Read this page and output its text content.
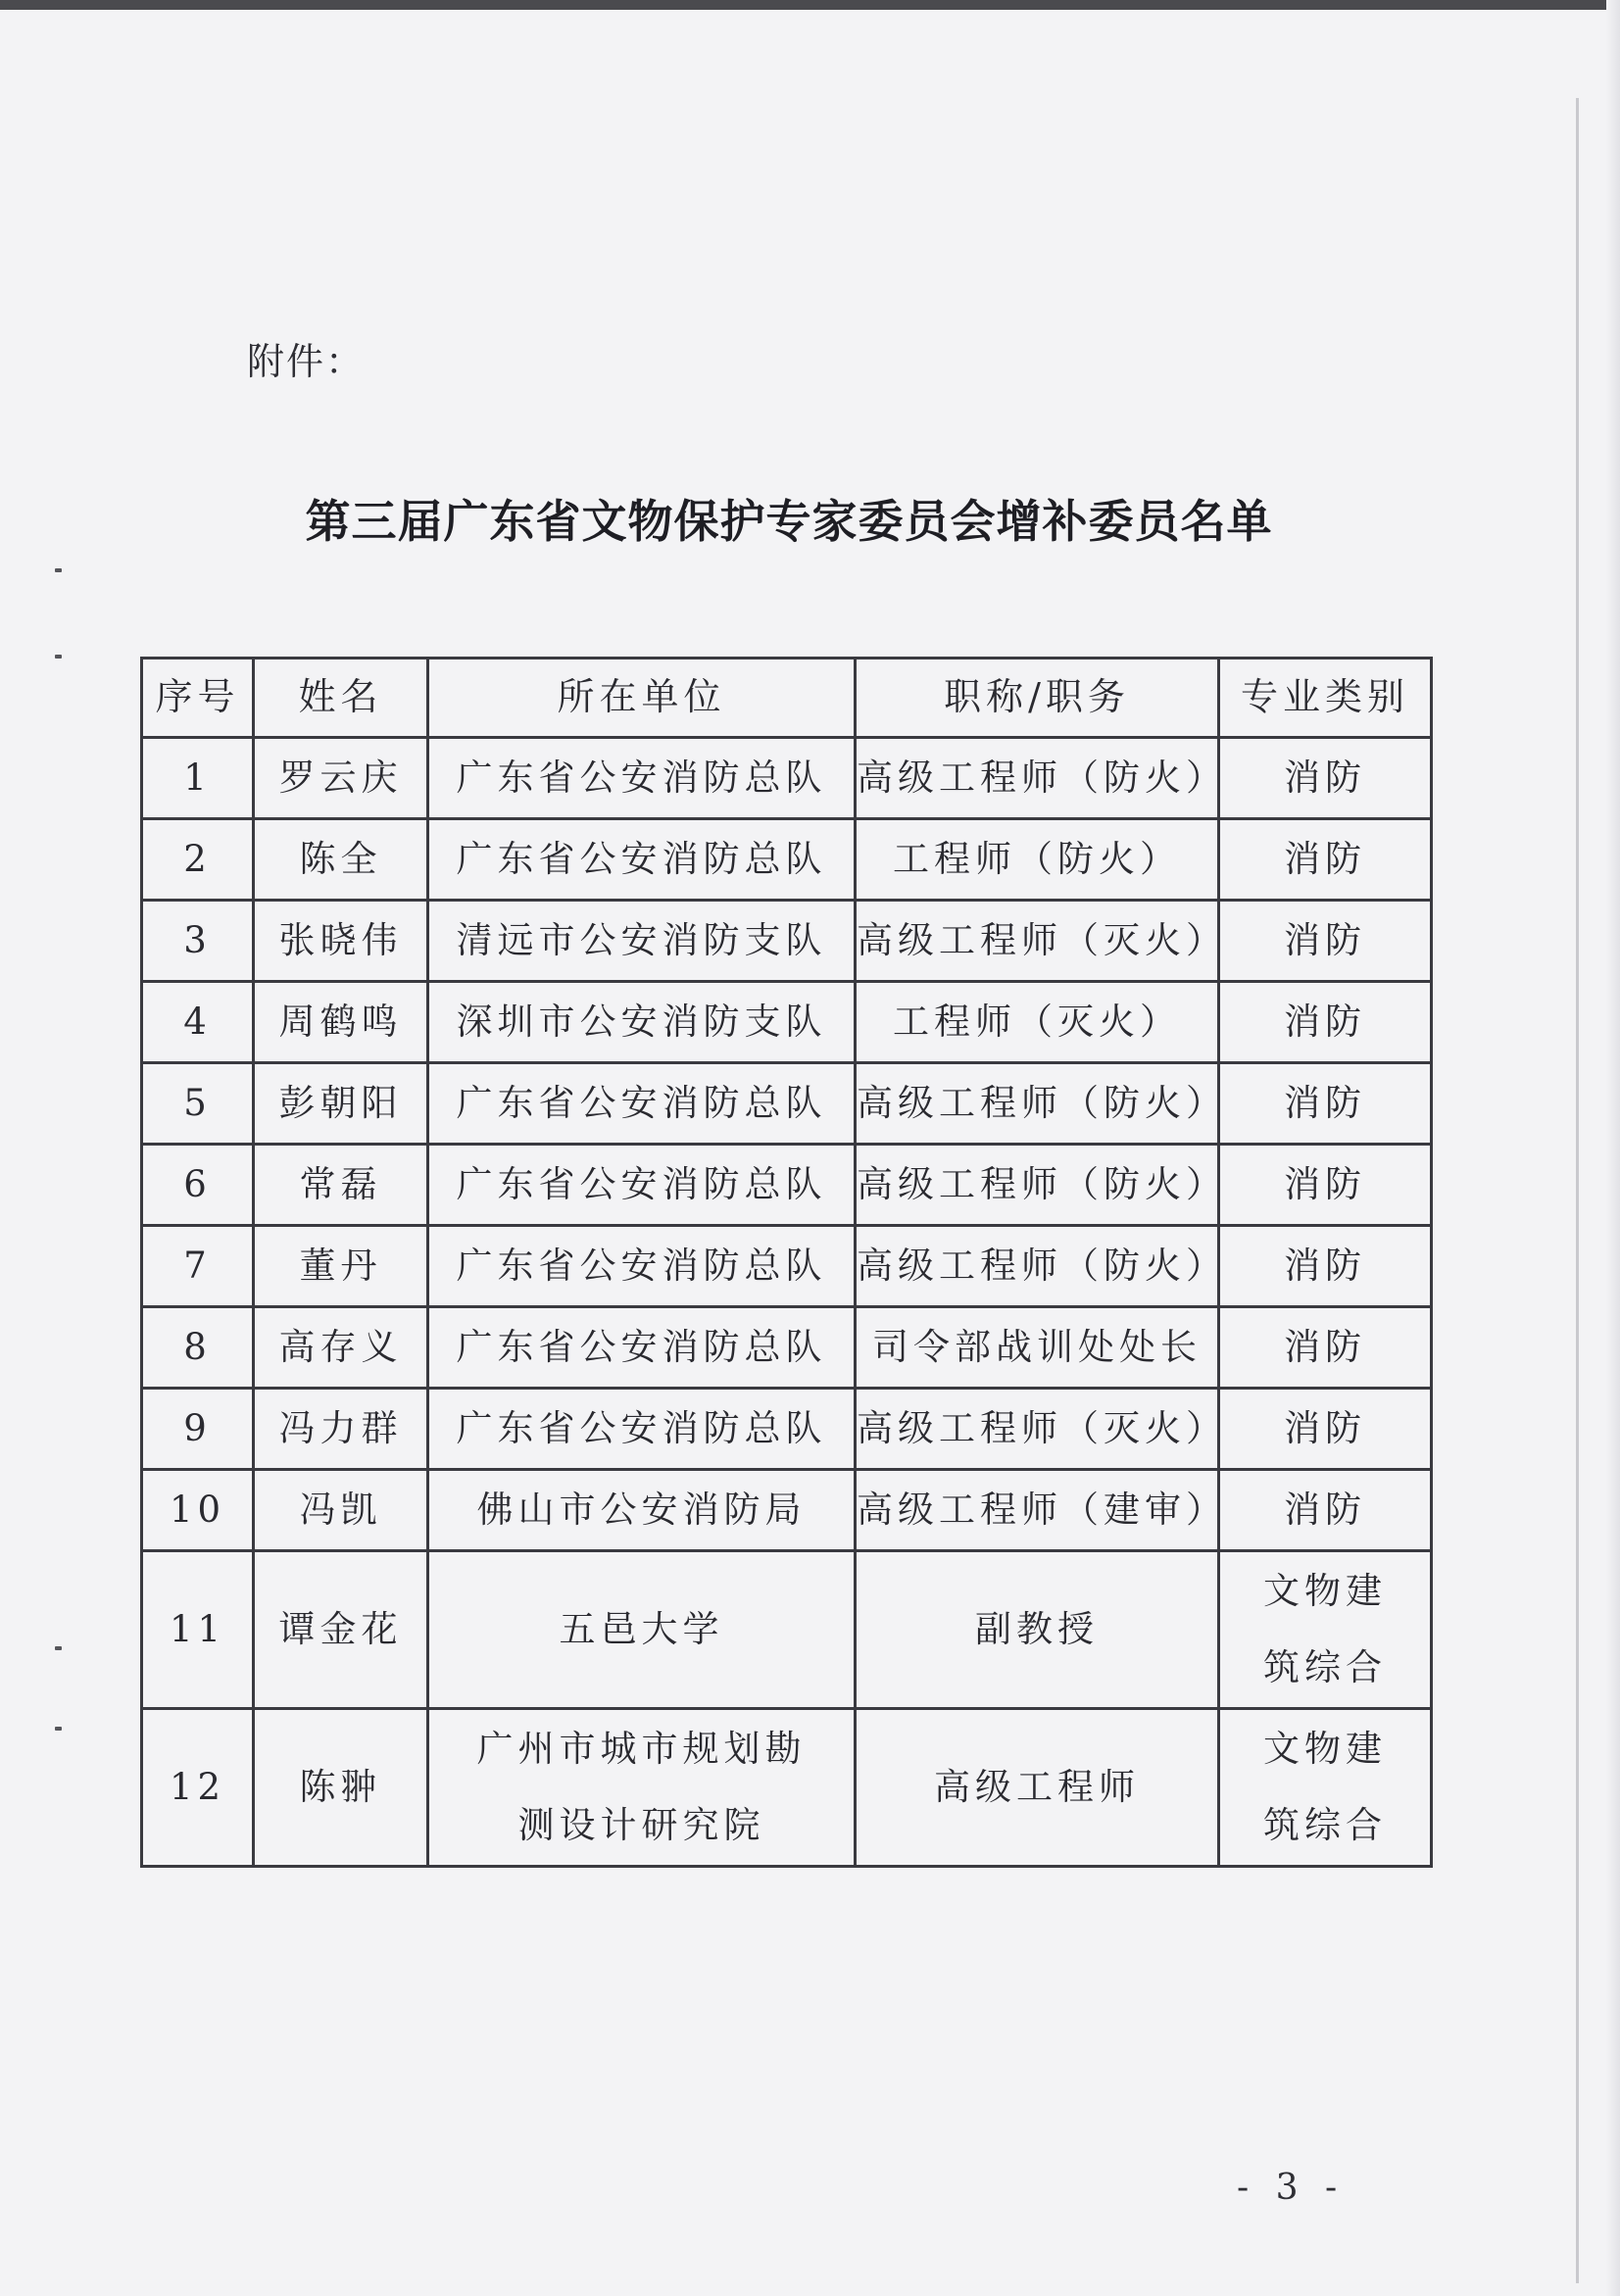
附件：
第三届广东省文物保护专家委员会增补委员名单
序号	姓名	所在单位	职称/职务	专业类别
1	罗云庆	广东省公安消防总队	高级工程师（防火）	消防
2	陈全	广东省公安消防总队	工程师（防火）	消防
3	张晓伟	清远市公安消防支队	高级工程师（灭火）	消防
4	周鹤鸣	深圳市公安消防支队	工程师（灭火）	消防
5	彭朝阳	广东省公安消防总队	高级工程师（防火）	消防
6	常磊	广东省公安消防总队	高级工程师（防火）	消防
7	董丹	广东省公安消防总队	高级工程师（防火）	消防
8	高存义	广东省公安消防总队	司令部战训处处长	消防
9	冯力群	广东省公安消防总队	高级工程师（灭火）	消防
10	冯凯	佛山市公安消防局	高级工程师（建审）	消防
11	谭金花	五邑大学	副教授	文物建筑综合
12	陈翀	广州市城市规划勘测设计研究院	高级工程师	文物建筑综合
- 3 -
